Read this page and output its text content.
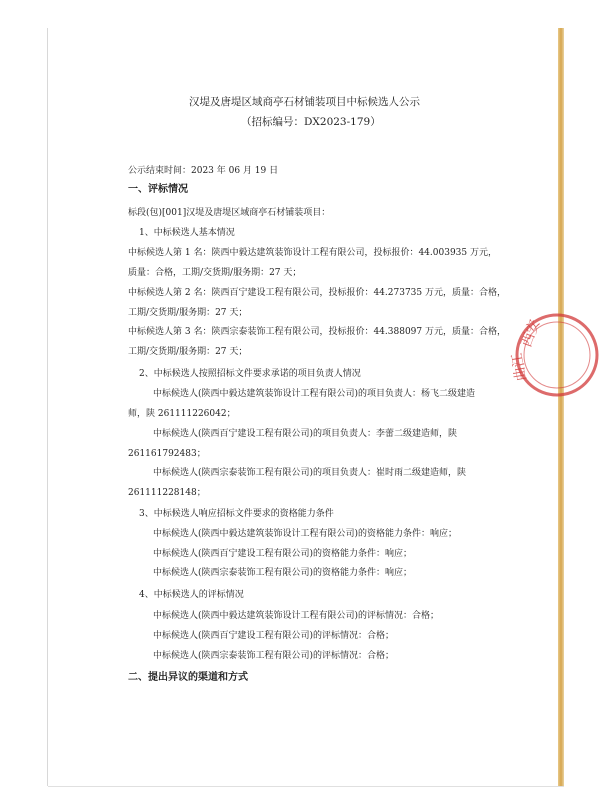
汉堤及唐堤区域商亭石材铺装项目中标候选人公示
（招标编号：DX2023-179）
公示结束时间：2023 年 06 月 19 日
一、评标情况
标段(包)[001]汉堤及唐堤区域商亭石材铺装项目：
1、中标候选人基本情况
中标候选人第 1 名：陕西中毅达建筑装饰设计工程有限公司，投标报价：44.003935 万元，
质量：合格，工期/交货期/服务期：27 天；
中标候选人第 2 名：陕西百宁建设工程有限公司，投标报价：44.273735 万元，质量：合格，
工期/交货期/服务期：27 天；
中标候选人第 3 名：陕西宗泰装饰工程有限公司，投标报价：44.388097 万元，质量：合格，
工期/交货期/服务期：27 天；
2、中标候选人按照招标文件要求承诺的项目负责人情况
中标候选人(陕西中毅达建筑装饰设计工程有限公司)的项目负责人：杨飞二级建造
师，陕 261111226042；
中标候选人(陕西百宁建设工程有限公司)的项目负责人：李蕾二级建造师，陕
261161792483；
中标候选人(陕西宗泰装饰工程有限公司)的项目负责人：崔时雨二级建造师，陕
261111228148；
3、中标候选人响应招标文件要求的资格能力条件
中标候选人(陕西中毅达建筑装饰设计工程有限公司)的资格能力条件：响应；
中标候选人(陕西百宁建设工程有限公司)的资格能力条件：响应；
中标候选人(陕西宗泰装饰工程有限公司)的资格能力条件：响应；
4、中标候选人的评标情况
中标候选人(陕西中毅达建筑装饰设计工程有限公司)的评标情况：合格；
中标候选人(陕西百宁建设工程有限公司)的评标情况：合格；
中标候选人(陕西宗泰装饰工程有限公司)的评标情况：合格；
二、提出异议的渠道和方式
西安
曲江
